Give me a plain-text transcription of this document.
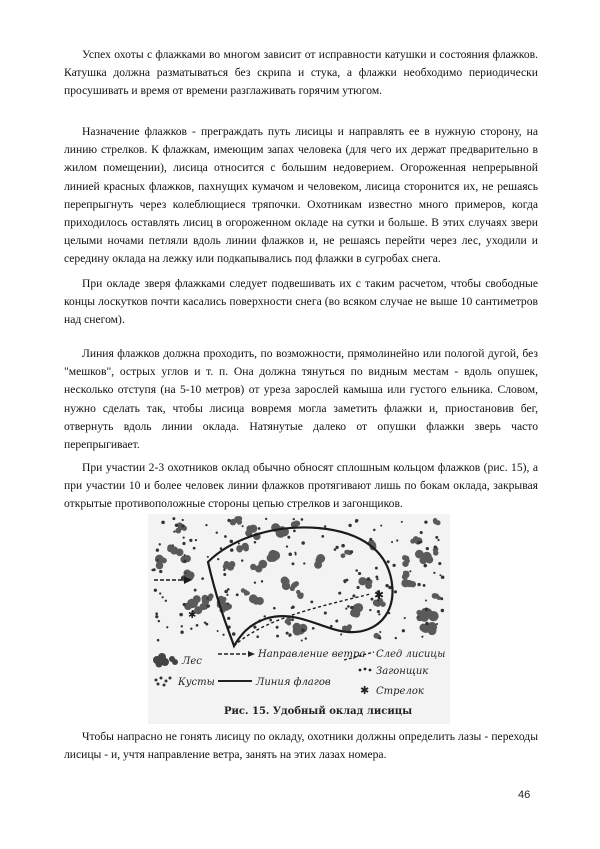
Успех охоты с флажками во многом зависит от исправности катушки и состояния флажков. Катушка должна разматываться без скрипа и стука, а флажки необходимо периодически просушивать и время от времени разглаживать горячим утюгом.

Назначение флажков - преграждать путь лисицы и направлять ее в нужную сторону, на линию стрелков. К флажкам, имеющим запах человека (для чего их держат предварительно в жилом помещении), лисица относится с большим недоверием. Огороженная непрерывной линией красных флажков, пахнущих кумачом и человеком, лисица сторонится их, не решаясь перепрыгнуть через колеблющиеся тряпочки. Охотникам известно много примеров, когда приходилось оставлять лисиц в огороженном окладе на сутки и больше. В этих случаях звери целыми ночами петляли вдоль линии флажков и, не решаясь перейти через лес, уходили и середину оклада на лежку или подкапывались под флажки в сугробах снега.

При окладе зверя флажками следует подвешивать их с таким расчетом, чтобы свободные концы лоскутков почти касались поверхности снега (во всяком случае не выше 10 сантиметров над снегом).

Линия флажков должна проходить, по возможности, прямолинейно или пологой дугой, без "мешков", острых углов и т. п. Она должна тянуться по видным местам - вдоль опушек, несколько отступя (на 5-10 метров) от уреза зарослей камыша или густого ельника. Словом, нужно сделать так, чтобы лисица вовремя могла заметить флажки и, приостановив бег, отвернуть вдоль линии оклада. Натянутые далеко от опушки флажки зверь часто перепрыгивает.

При участии 2-3 охотников оклад обычно обносят сплошным кольцом флажков (рис. 15), а при участии 10 и более человек линии флажков протягивают лишь по бокам оклада, закрывая открытые противоположные стороны цепью стрелков и загонщиков.

Чтобы напрасно не гонять лисицу по окладу, охотники должны определить лазы - переходы лисицы - и, учтя направление ветра, занять на этих лазах номера.

✱
✱
Лес
Кусты
Направление ветра
Линия флагов
След лисицы
Загонщик
✱ Стрелок
Рис. 15. Удобный оклад лисицы
46
